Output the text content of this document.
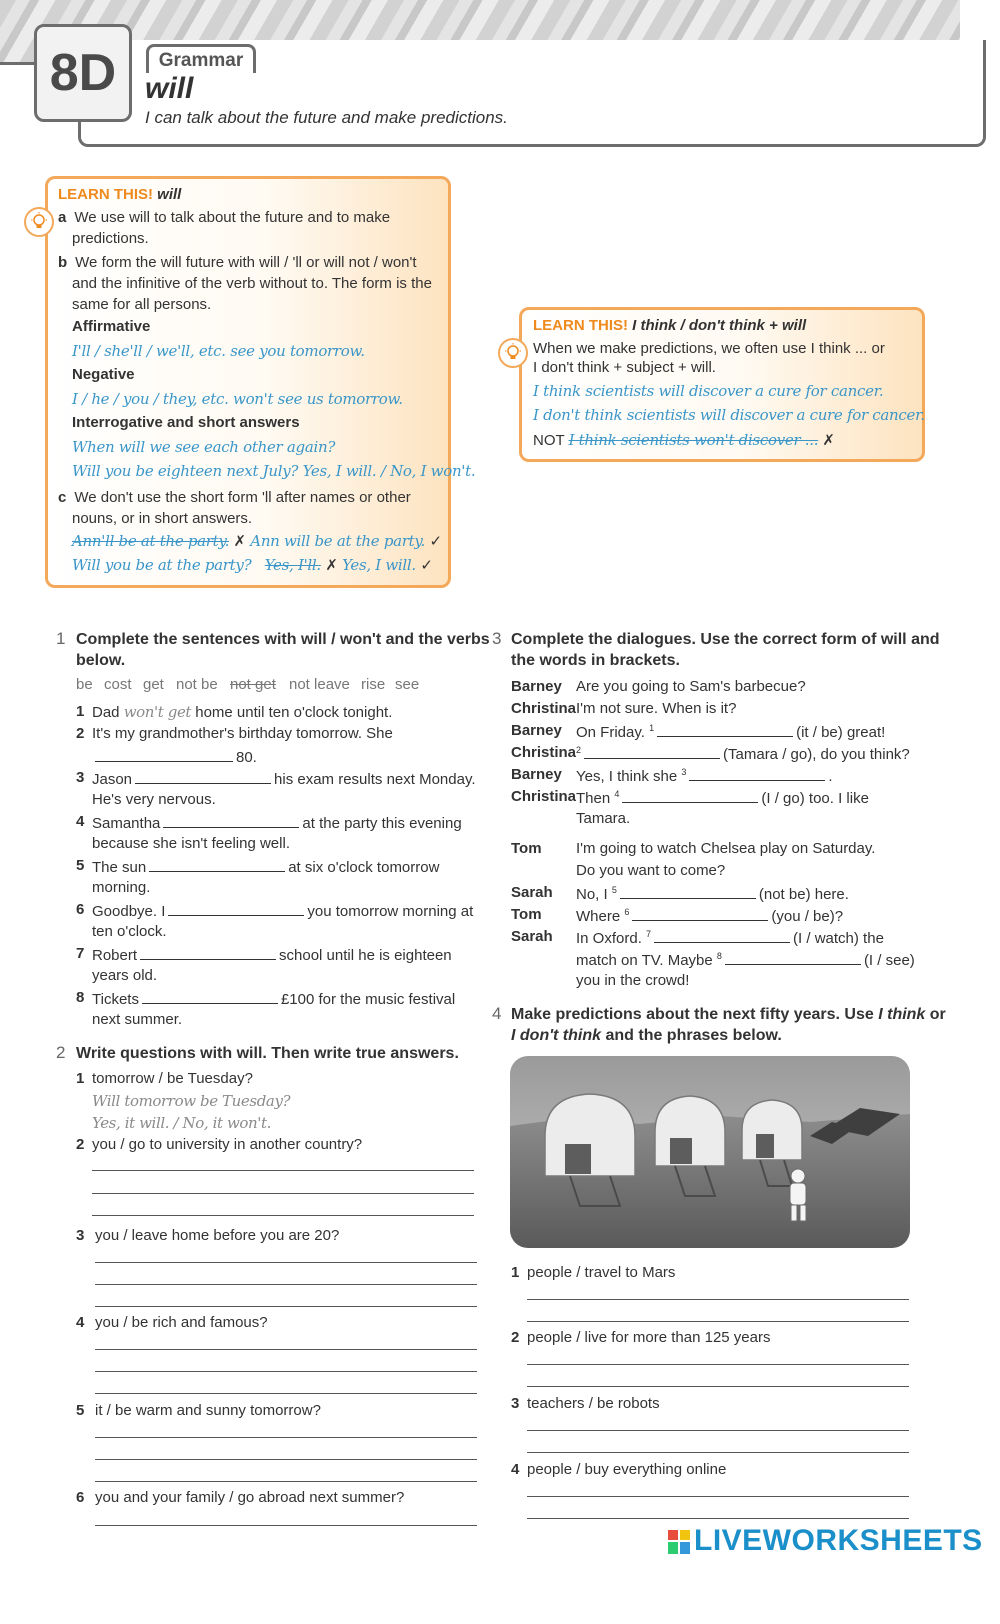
8D	Grammar
will
I can talk about the future and make predictions.
LEARN THIS! will
a We use will to talk about the future and to make
predictions.
b We form the will future with will / 'll or will not / won't
and the infinitive of the verb without to. The form is the
same for all persons.
Affirmative
I'll / she'll / we'll, etc. see you tomorrow.
Negative
I / he / you / they, etc. won't see us tomorrow.
Interrogative and short answers
When will we see each other again?
Will you be eighteen next July? Yes, I will. / No, I won't.
c We don't use the short form 'll after names or other
nouns, or in short answers.
Ann'll be at the party. ✗ Ann will be at the party. ✓
Will you be at the party? Yes, I'll. ✗ Yes, I will. ✓
LEARN THIS! I think / don't think + will
When we make predictions, we often use I think ... or
I don't think + subject + will.
I think scientists will discover a cure for cancer.
I don't think scientists will discover a cure for cancer.
NOT I think scientists won't discover ... ✗
1 Complete the sentences with will / won't and the verbs
below.
be cost get not be not get not leave rise see
1 Dad won't get home until ten o'clock tonight.
2 It's my grandmother's birthday tomorrow. She
80.
3 Jason	his exam results next Monday.
He's very nervous.
4 Samantha	at the party this evening
because she isn't feeling well.
5 The sun	at six o'clock tomorrow
morning.
6 Goodbye. I	you tomorrow morning at
ten o'clock.
7 Robert	school until he is eighteen
years old.
8 Tickets	£100 for the music festival
next summer.
2 Write questions with will. Then write true answers.
1 tomorrow / be Tuesday?
Will tomorrow be Tuesday?
Yes, it will. / No, it won't.
2 you / go to university in another country?
3 you / leave home before you are 20?
4 you / be rich and famous?
5 it / be warm and sunny tomorrow?
6 you and your family / go abroad next summer?
3 Complete the dialogues. Use the correct form of will and
the words in brackets.
Barney Are you going to Sam's barbecue?
Christina I'm not sure. When is it?
Barney On Friday. $^1$	(it / be) great!
Christina $^2$	(Tamara / go), do you think?
Barney Yes, I think she $^3$	.
Christina Then $^4$	(I / go) too. I like
Tamara.
Tom I'm going to watch Chelsea play on Saturday.
Do you want to come?
Sarah No, I $^5$	(not be) here.
Tom Where $^6$	(you / be)?
Sarah In Oxford. $^7$	(I / watch) the
match on TV. Maybe $^8$	(I / see)
you in the crowd!
4 Make predictions about the next fifty years. Use I think or
I don't think and the phrases below.
1 people / travel to Mars
2 people / live for more than 125 years
3 teachers / be robots
4 people / buy everything online
LIVEWORKSHEETS
